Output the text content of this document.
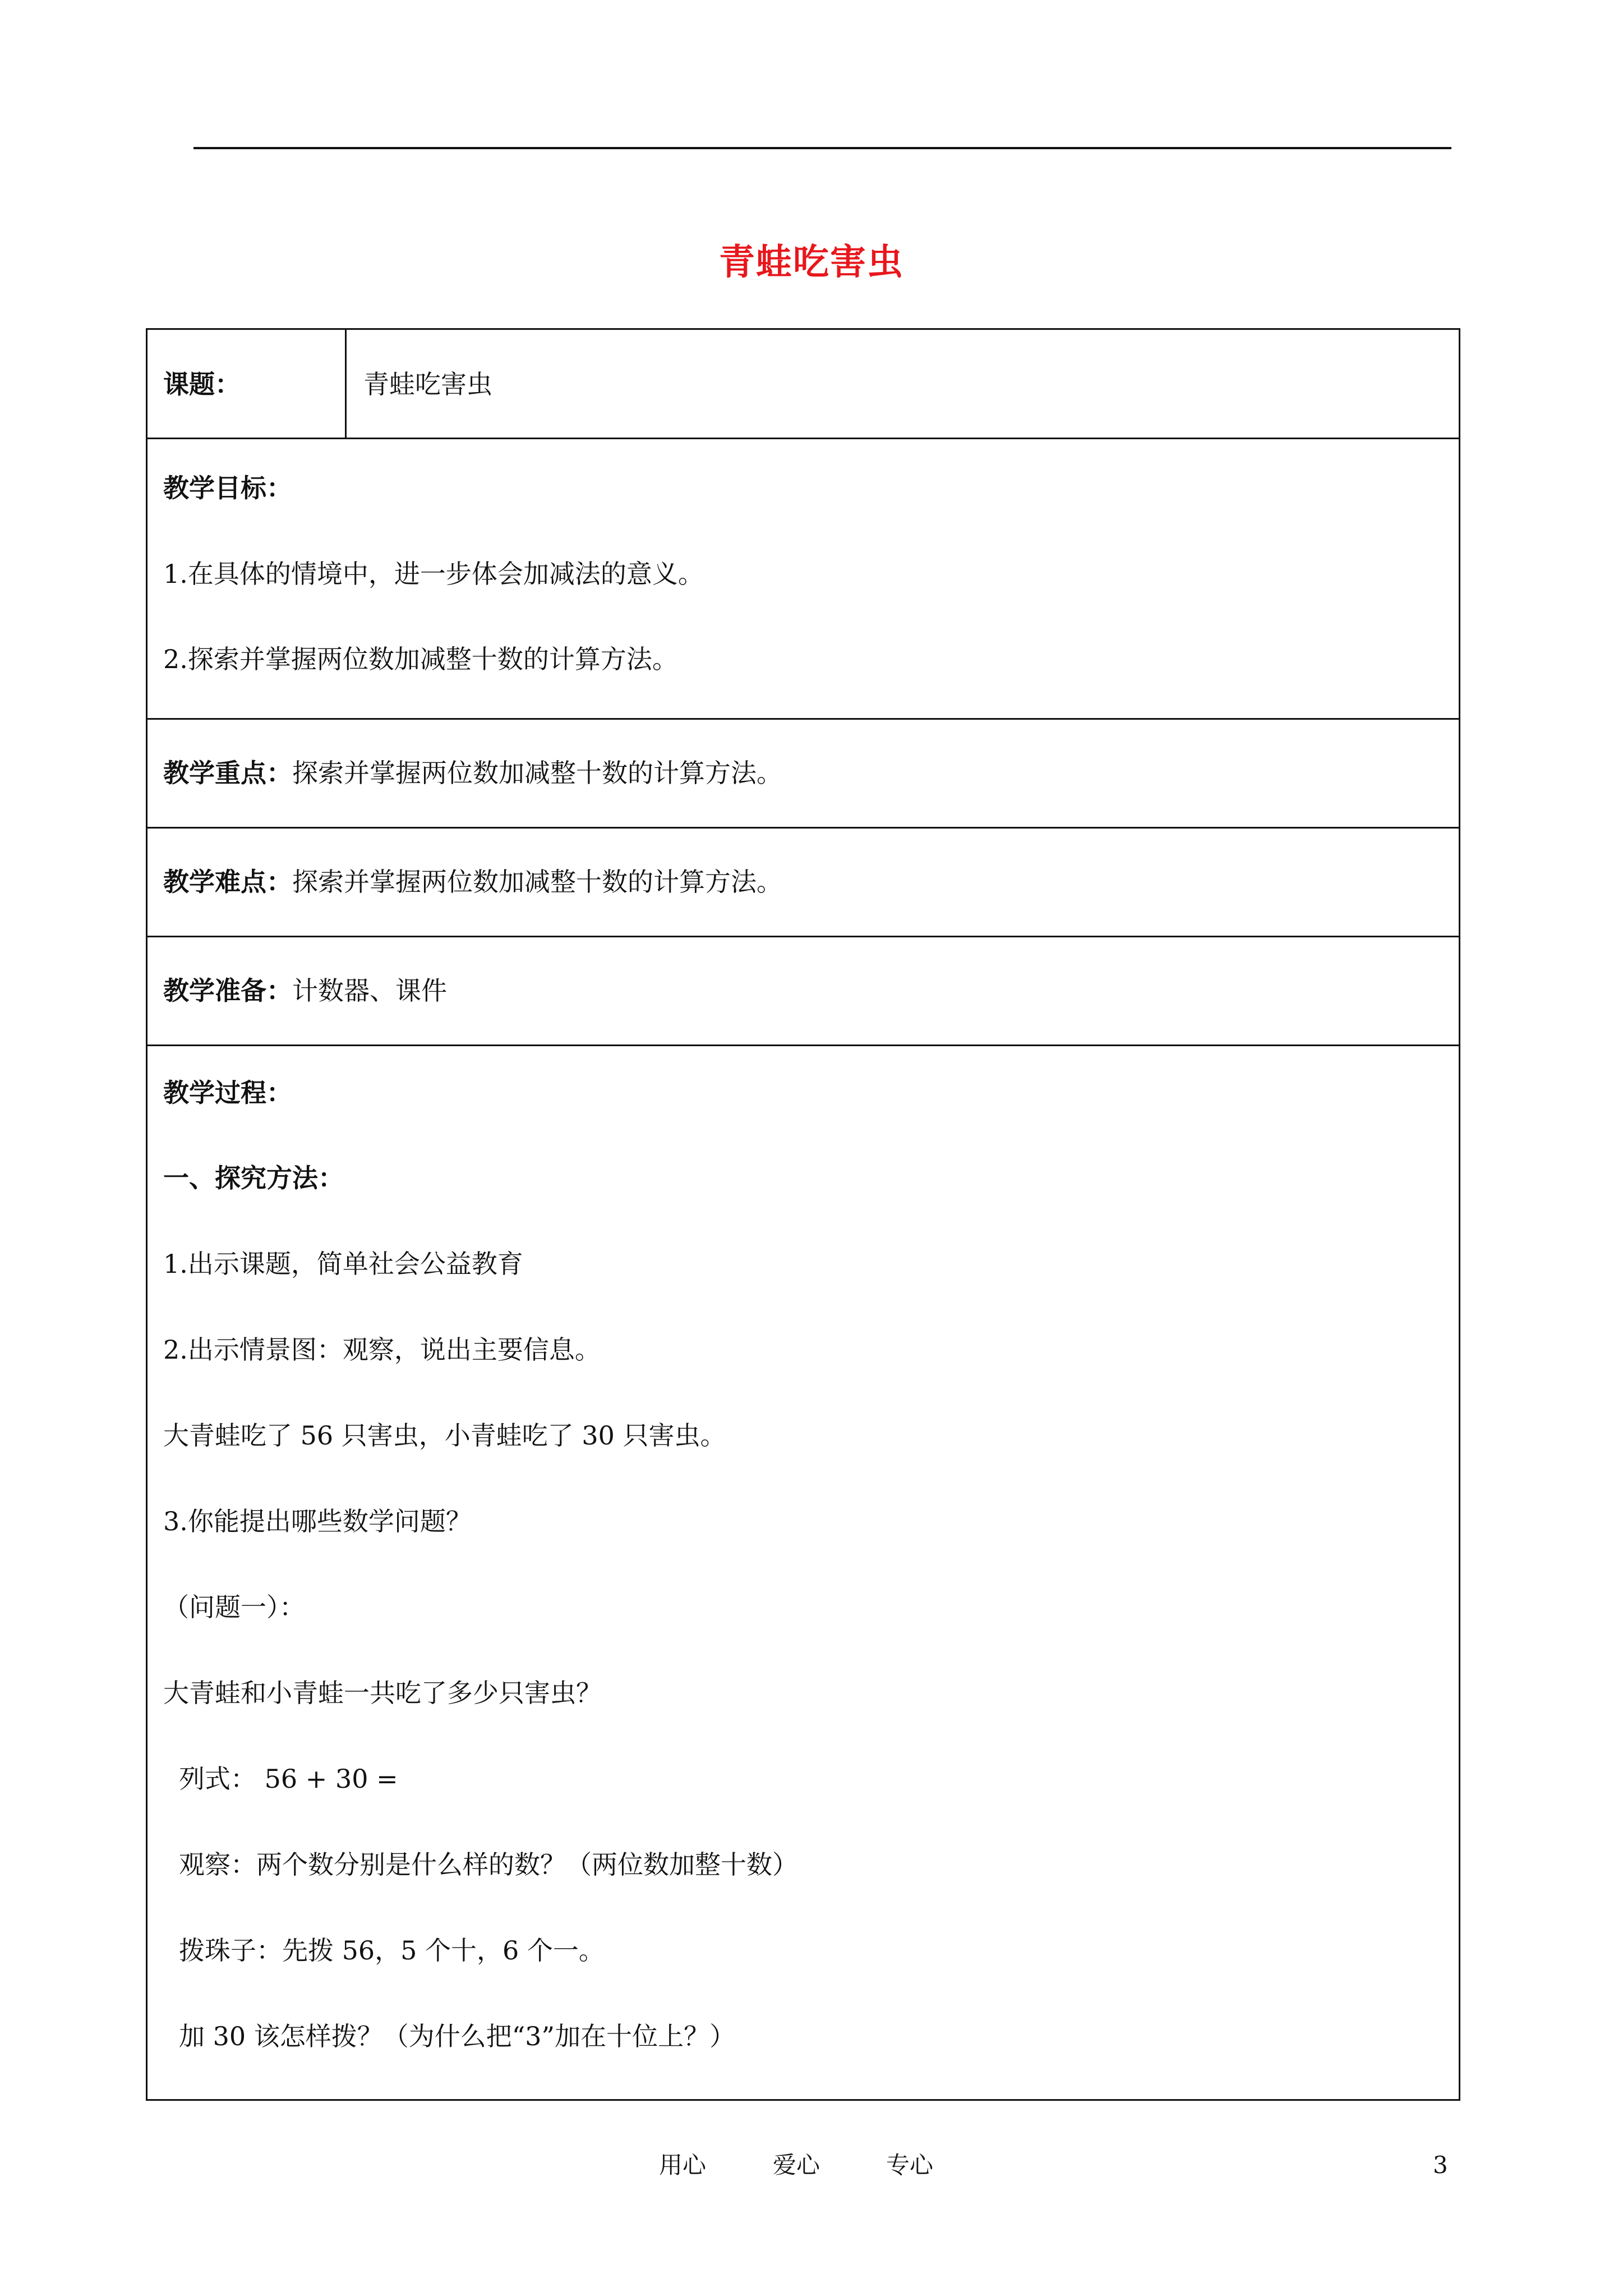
青蛙吃害虫
课题：	青蛙吃害虫
教学目标：
1.在具体的情境中，进一步体会加减法的意义。
2.探索并掌握两位数加减整十数的计算方法。
教学重点：探索并掌握两位数加减整十数的计算方法。
教学难点：探索并掌握两位数加减整十数的计算方法。
教学准备：计数器、课件
教学过程：
一、探究方法：
1.出示课题，简单社会公益教育
2.出示情景图：观察，说出主要信息。
大青蛙吃了 56 只害虫，小青蛙吃了 30 只害虫。
3.你能提出哪些数学问题？
（问题一）：
大青蛙和小青蛙一共吃了多少只害虫？
列式： 56 + 30 =
观察：两个数分别是什么样的数？（两位数加整十数）
拨珠子：先拨 56，5 个十，6 个一。
加 30 该怎样拨？（为什么把“3”加在十位上？）
用心	爱心	专心	3
